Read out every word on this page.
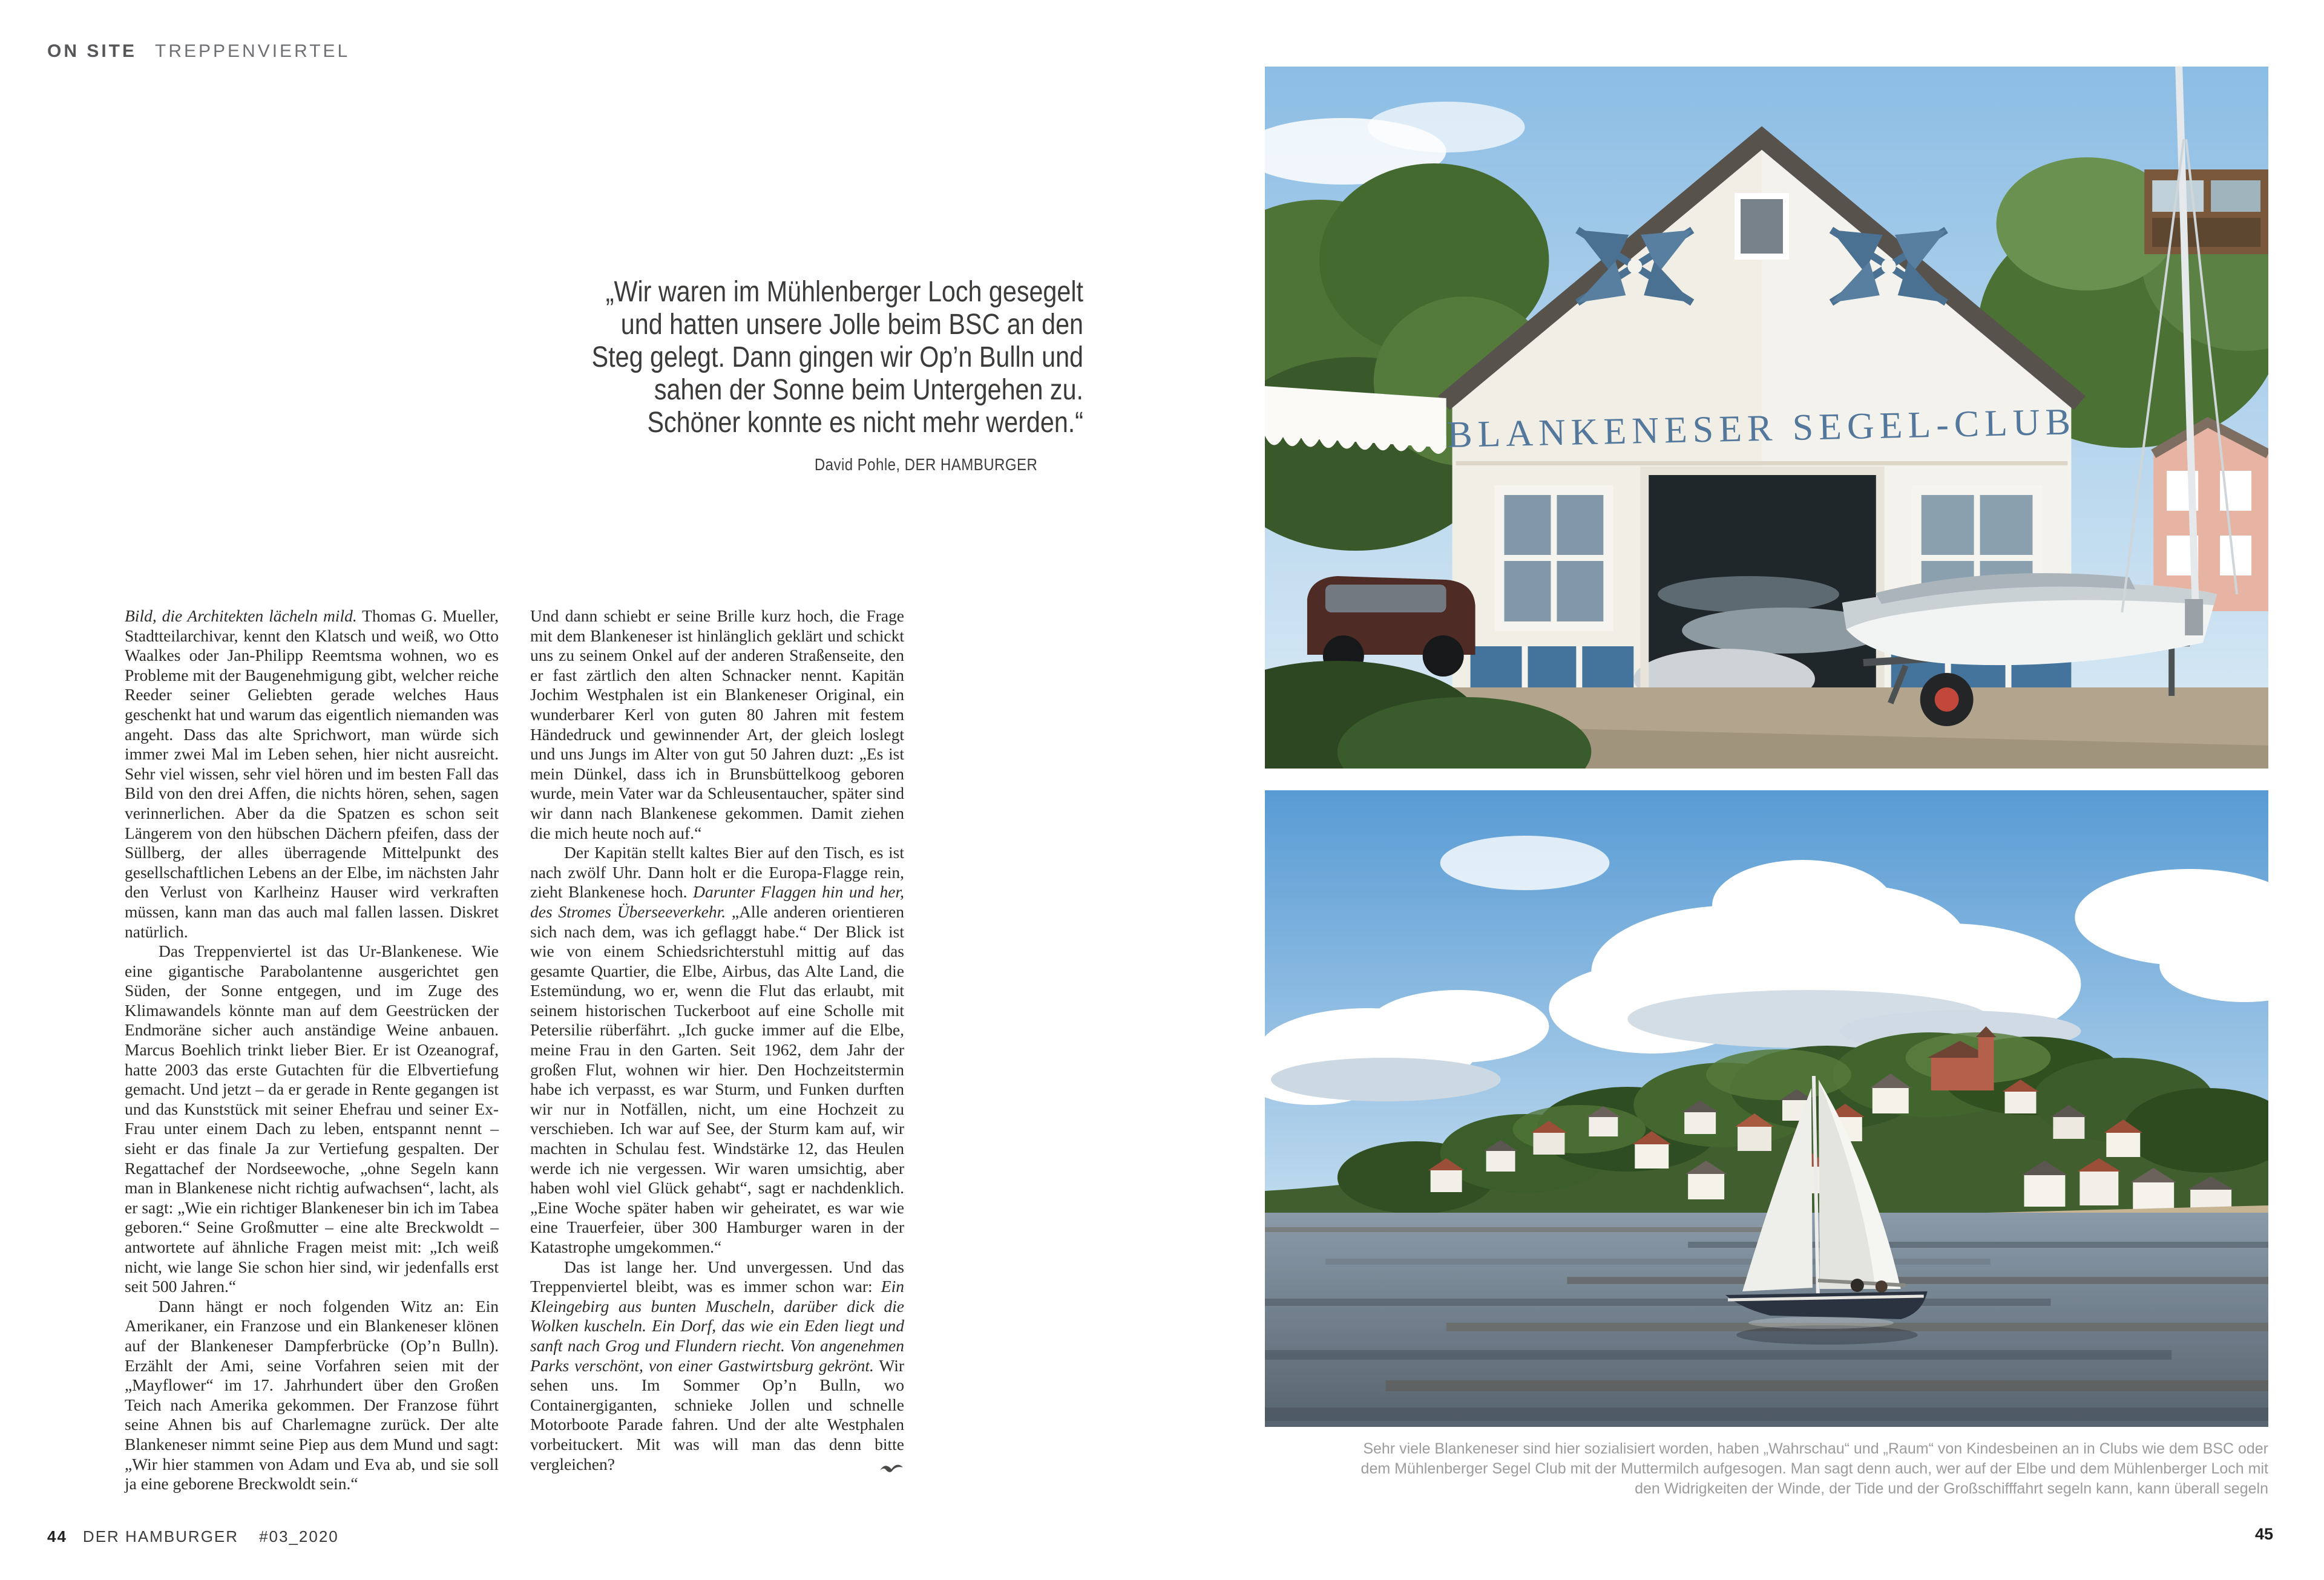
ON SITE TREPPENVIERTEL
„Wir waren im Mühlenberger Loch gesegelt
und hatten unsere Jolle beim BSC an den
Steg gelegt. Dann gingen wir Op’n Bulln und
sahen der Sonne beim Untergehen zu.
Schöner konnte es nicht mehr werden.“
David Pohle, DER HAMBURGER

Bild, die Architekten lächeln mild. Thomas G. Mueller, Stadtteilarchivar, kennt den Klatsch und weiß, wo Otto Waalkes oder Jan-Philipp Reemtsma wohnen, wo es Probleme mit der Baugenehmigung gibt, welcher reiche Reeder seiner Geliebten gerade welches Haus geschenkt hat und warum das eigentlich niemanden was angeht. Dass das alte Sprichwort, man würde sich immer zwei Mal im Leben sehen, hier nicht ausreicht. Sehr viel wissen, sehr viel hören und im besten Fall das Bild von den drei Affen, die nichts hören, sehen, sagen verinnerlichen. Aber da die Spatzen es schon seit Längerem von den hübschen Dächern pfeifen, dass der Süllberg, der alles überragende Mittelpunkt des gesellschaftlichen Lebens an der Elbe, im nächsten Jahr den Verlust von Karlheinz Hauser wird verkraften müssen, kann man das auch mal fallen lassen. Diskret natürlich.

Das Treppenviertel ist das Ur-Blankenese. Wie eine gigantische Parabolantenne ausgerichtet gen Süden, der Sonne entgegen, und im Zuge des Klimawandels könnte man auf dem Geestrücken der Endmoräne sicher auch anständige Weine anbauen. Marcus Boehlich trinkt lieber Bier. Er ist Ozeanograf, hatte 2003 das erste Gutachten für die Elbvertiefung gemacht. Und jetzt – da er gerade in Rente gegangen ist und das Kunststück mit seiner Ehefrau und seiner Ex-Frau unter einem Dach zu leben, entspannt nennt – sieht er das finale Ja zur Vertiefung gespalten. Der Regattachef der Nordseewoche, „ohne Segeln kann man in Blankenese nicht richtig aufwachsen“, lacht, als er sagt: „Wie ein richtiger Blankeneser bin ich im Tabea geboren.“ Seine Großmutter – eine alte Breckwoldt – antwortete auf ähnliche Fragen meist mit: „Ich weiß nicht, wie lange Sie schon hier sind, wir jedenfalls erst seit 500 Jahren.“

Dann hängt er noch folgenden Witz an: Ein Amerikaner, ein Franzose und ein Blankeneser klönen auf der Blankeneser Dampferbrücke (Op’n Bulln). Erzählt der Ami, seine Vorfahren seien mit der „Mayflower“ im 17. Jahrhundert über den Großen Teich nach Amerika gekommen. Der Franzose führt seine Ahnen bis auf Charlemagne zurück. Der alte Blankeneser nimmt seine Piep aus dem Mund und sagt: „Wir hier stammen von Adam und Eva ab, und sie soll ja eine geborene Breckwoldt sein.“

Und dann schiebt er seine Brille kurz hoch, die Frage mit dem Blankeneser ist hinlänglich geklärt und schickt uns zu seinem Onkel auf der anderen Straßenseite, den er fast zärtlich den alten Schnacker nennt. Kapitän Jochim Westphalen ist ein Blankeneser Original, ein wunderbarer Kerl von guten 80 Jahren mit festem Händedruck und gewinnender Art, der gleich loslegt und uns Jungs im Alter von gut 50 Jahren duzt: „Es ist mein Dünkel, dass ich in Brunsbüttelkoog geboren wurde, mein Vater war da Schleusentaucher, später sind wir dann nach Blankenese gekommen. Damit ziehen die mich heute noch auf.“

Der Kapitän stellt kaltes Bier auf den Tisch, es ist nach zwölf Uhr. Dann holt er die Europa-Flagge rein, zieht Blankenese hoch. Darunter Flaggen hin und her, des Stromes Überseeverkehr. „Alle anderen orientieren sich nach dem, was ich geflaggt habe.“ Der Blick ist wie von einem Schiedsrichterstuhl mittig auf das gesamte Quartier, die Elbe, Airbus, das Alte Land, die Estemündung, wo er, wenn die Flut das erlaubt, mit seinem historischen Tuckerboot auf eine Scholle mit Petersilie rüberfährt. „Ich gucke immer auf die Elbe, meine Frau in den Garten. Seit 1962, dem Jahr der großen Flut, wohnen wir hier. Den Hochzeitstermin habe ich verpasst, es war Sturm, und Funken durften wir nur in Notfällen, nicht, um eine Hochzeit zu verschieben. Ich war auf See, der Sturm kam auf, wir machten in Schulau fest. Windstärke 12, das Heulen werde ich nie vergessen. Wir waren umsichtig, aber haben wohl viel Glück gehabt“, sagt er nachdenklich. „Eine Woche später haben wir geheiratet, es war wie eine Trauerfeier, über 300 Hamburger waren in der Katastrophe umgekommen.“

Das ist lange her. Und unvergessen. Und das Treppenviertel bleibt, was es immer schon war: Ein Kleingebirg aus bunten Muscheln, darüber dick die Wolken kuscheln. Ein Dorf, das wie ein Eden liegt und sanft nach Grog und Flundern riecht. Von angenehmen Parks verschönt, von einer Gastwirtsburg gekrönt. Wir sehen uns. Im Sommer Op’n Bulln, wo Containergiganten, schnieke Jollen und schnelle Motorboote Parade fahren. Und der alte Westphalen vorbeituckert. Mit was will man das denn bitte vergleichen?

44 DER HAMBURGER #03_2020
BLANKENESER SEGEL-CLUB
Sehr viele Blankeneser sind hier sozialisiert worden, haben „Wahrschau“ und „Raum“ von Kindesbeinen an in Clubs wie dem BSC oder dem Mühlenberger Segel Club mit der Muttermilch aufgesogen. Man sagt denn auch, wer auf der Elbe und dem Mühlenberger Loch mit den Widrigkeiten der Winde, der Tide und der Großschifffahrt segeln kann, kann überall segeln
45
